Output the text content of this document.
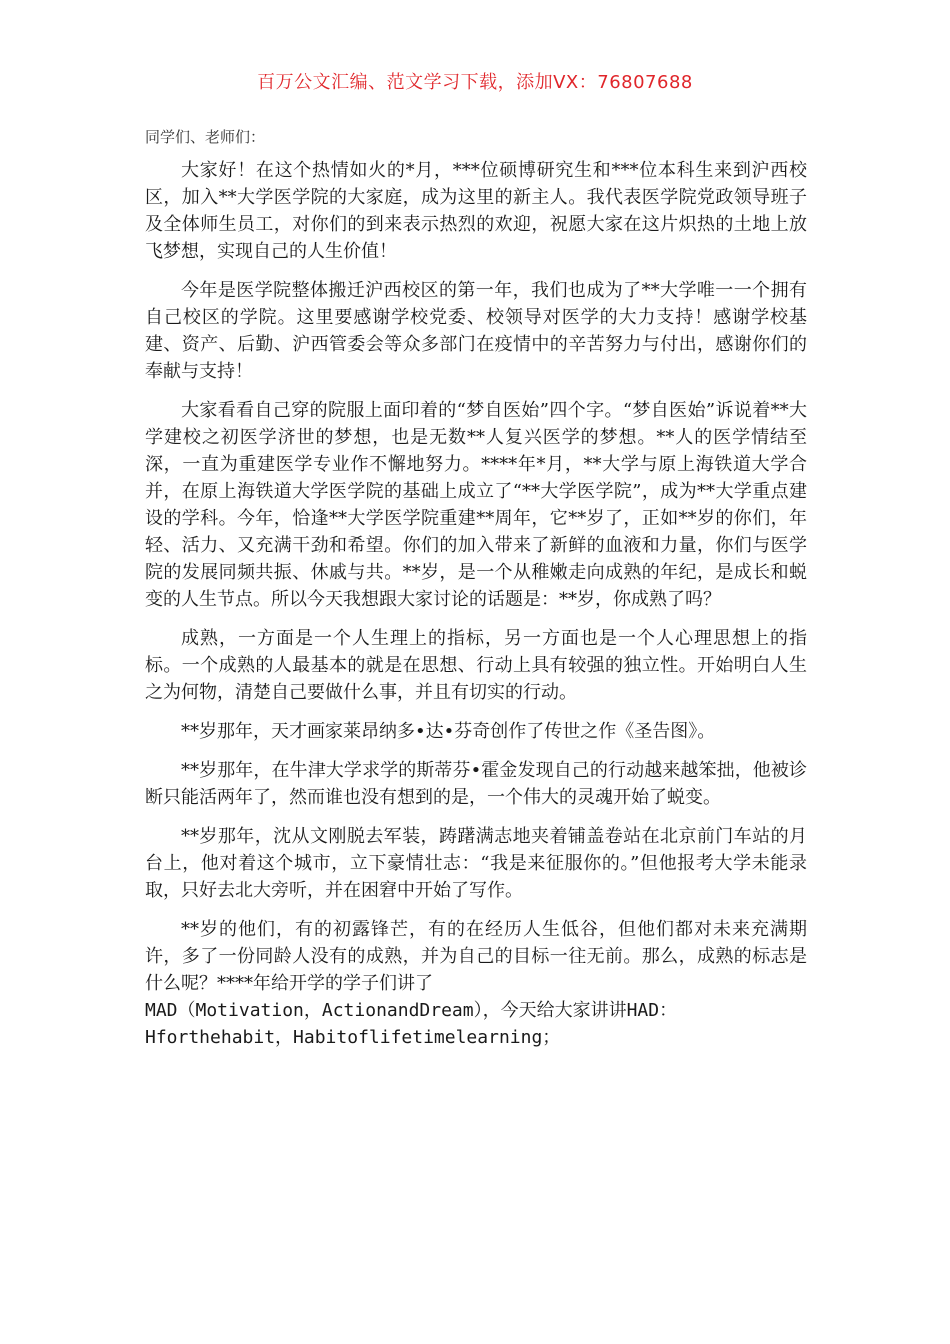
百万公文汇编、范文学习下载，添加VX：76807688
同学们、老师们：

大家好！在这个热情如火的*月，***位硕博研究生和***位本科生来到沪西校区，加入**大学医学院的大家庭，成为这里的新主人。我代表医学院党政领导班子及全体师生员工，对你们的到来表示热烈的欢迎，祝愿大家在这片炽热的土地上放飞梦想，实现自己的人生价值！

今年是医学院整体搬迁沪西校区的第一年，我们也成为了**大学唯一一个拥有自己校区的学院。这里要感谢学校党委、校领导对医学的大力支持！感谢学校基建、资产、后勤、沪西管委会等众多部门在疫情中的辛苦努力与付出，感谢你们的奉献与支持！

大家看看自己穿的院服上面印着的“梦自医始”四个字。“梦自医始”诉说着**大学建校之初医学济世的梦想，也是无数**人复兴医学的梦想。**人的医学情结至深，一直为重建医学专业作不懈地努力。****年*月，**大学与原上海铁道大学合并，在原上海铁道大学医学院的基础上成立了“**大学医学院”，成为**大学重点建设的学科。今年，恰逢**大学医学院重建**周年，它**岁了，正如**岁的你们，年轻、活力、又充满干劲和希望。你们的加入带来了新鲜的血液和力量，你们与医学院的发展同频共振、休戚与共。**岁，是一个从稚嫩走向成熟的年纪，是成长和蜕变的人生节点。所以今天我想跟大家讨论的话题是：**岁，你成熟了吗？

成熟，一方面是一个人生理上的指标，另一方面也是一个人心理思想上的指标。一个成熟的人最基本的就是在思想、行动上具有较强的独立性。开始明白人生之为何物，清楚自己要做什么事，并且有切实的行动。

**岁那年，天才画家莱昂纳多•达•芬奇创作了传世之作《圣告图》。

**岁那年，在牛津大学求学的斯蒂芬•霍金发现自己的行动越来越笨拙，他被诊断只能活两年了，然而谁也没有想到的是，一个伟大的灵魂开始了蜕变。

**岁那年，沈从文刚脱去军装，踌躇满志地夹着铺盖卷站在北京前门车站的月台上，他对着这个城市，立下豪情壮志：“我是来征服你的。”但他报考大学未能录取，只好去北大旁听，并在困窘中开始了写作。

**岁的他们，有的初露锋芒，有的在经历人生低谷，但他们都对未来充满期许，多了一份同龄人没有的成熟，并为自己的目标一往无前。那么，成熟的标志是什么呢？****年给开学的学子们讲了
MAD（Motivation，ActionandDream），今天给大家讲讲HAD：
Hforthehabit，Habitoflifetimelearning；
